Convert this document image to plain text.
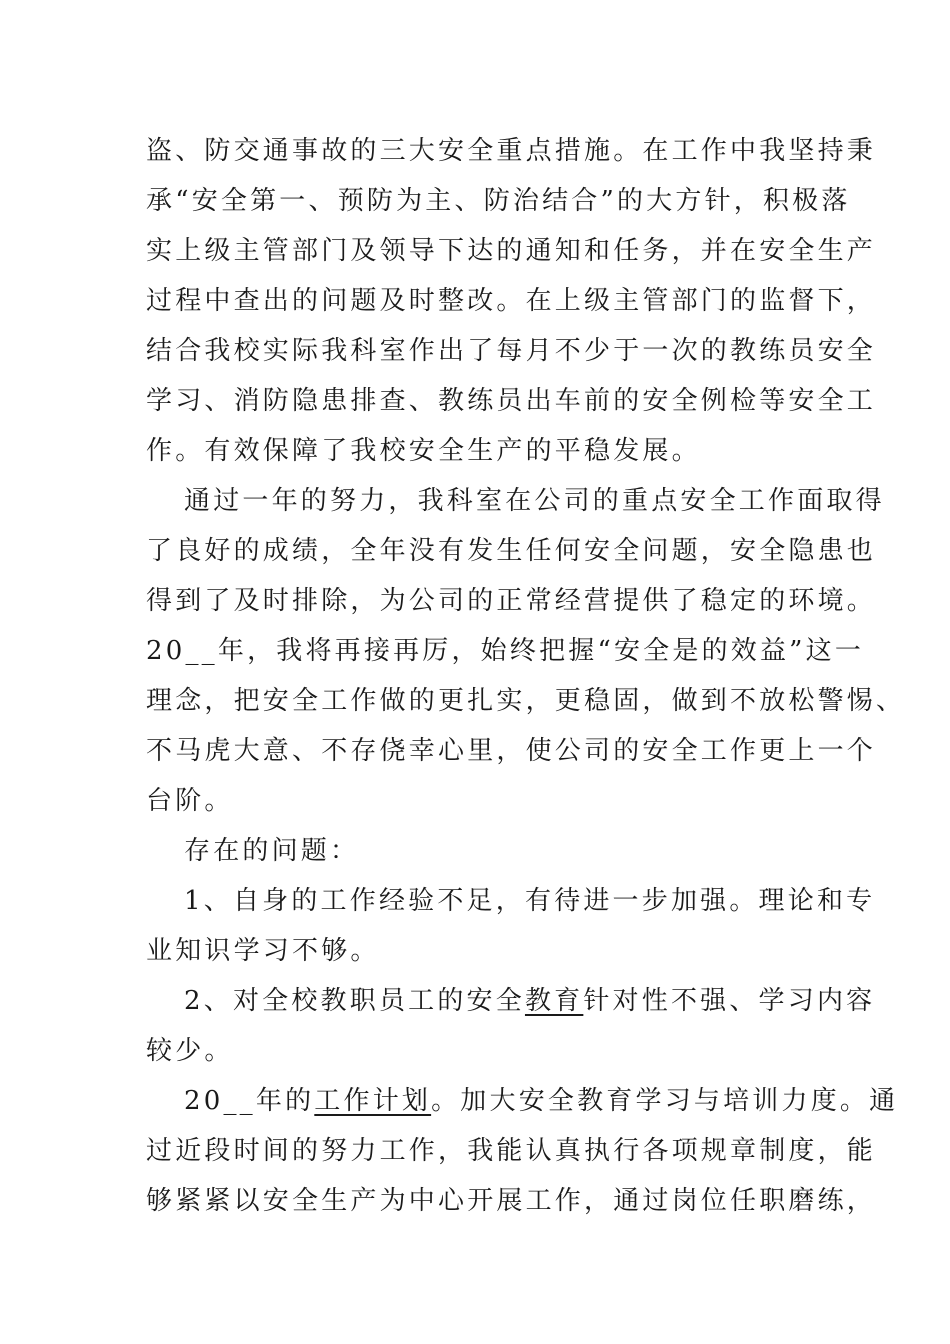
盗、防交通事故的三大安全重点措施。在工作中我坚持秉
承“安全第一、预防为主、防治结合”的大方针，积极落
实上级主管部门及领导下达的通知和任务，并在安全生产
过程中查出的问题及时整改。在上级主管部门的监督下，
结合我校实际我科室作出了每月不少于一次的教练员安全
学习、消防隐患排查、教练员出车前的安全例检等安全工
作。有效保障了我校安全生产的平稳发展。
通过一年的努力，我科室在公司的重点安全工作面取得
了良好的成绩，全年没有发生任何安全问题，安全隐患也
得到了及时排除，为公司的正常经营提供了稳定的环境。
20__年，我将再接再厉，始终把握“安全是的效益”这一
理念，把安全工作做的更扎实，更稳固，做到不放松警惕、
不马虎大意、不存侥幸心里，使公司的安全工作更上一个
台阶。
存在的问题：
1、自身的工作经验不足，有待进一步加强。理论和专
业知识学习不够。
2、对全校教职员工的安全教育针对性不强、学习内容
较少。
20__年的工作计划。加大安全教育学习与培训力度。通
过近段时间的努力工作，我能认真执行各项规章制度，能
够紧紧以安全生产为中心开展工作，通过岗位任职磨练，
